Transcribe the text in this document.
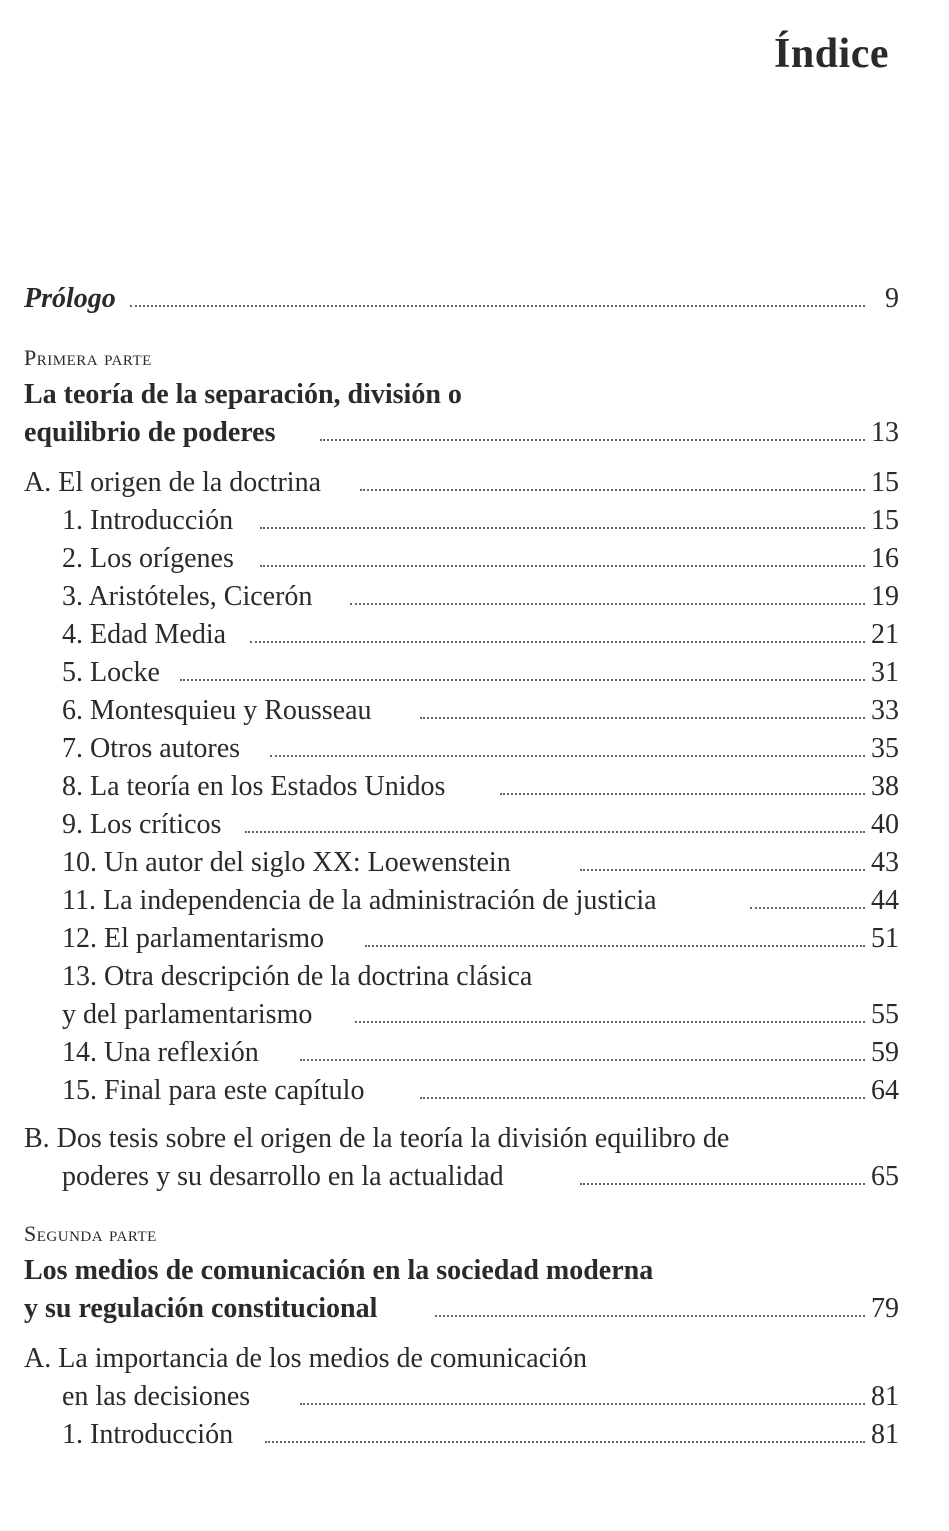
Índice
Prólogo	9
Primera parte
La teoría de la separación, división o
equilibrio de poderes	13
A. El origen de la doctrina	15
1. Introducción	15
2. Los orígenes	16
3. Aristóteles, Cicerón	19
4. Edad Media	21
5. Locke	31
6. Montesquieu y Rousseau	33
7. Otros autores	35
8. La teoría en los Estados Unidos	38
9. Los críticos	40
10. Un autor del siglo XX: Loewenstein	43
11. La independencia de la administración de justicia	44
12. El parlamentarismo	51
13. Otra descripción de la doctrina clásica
y del parlamentarismo	55
14. Una reflexión	59
15. Final para este capítulo	64
B. Dos tesis sobre el origen de la teoría la división equilibro de
poderes y su desarrollo en la actualidad	65
Segunda parte
Los medios de comunicación en la sociedad moderna
y su regulación constitucional	79
A. La importancia de los medios de comunicación
en las decisiones	81
1. Introducción	81
